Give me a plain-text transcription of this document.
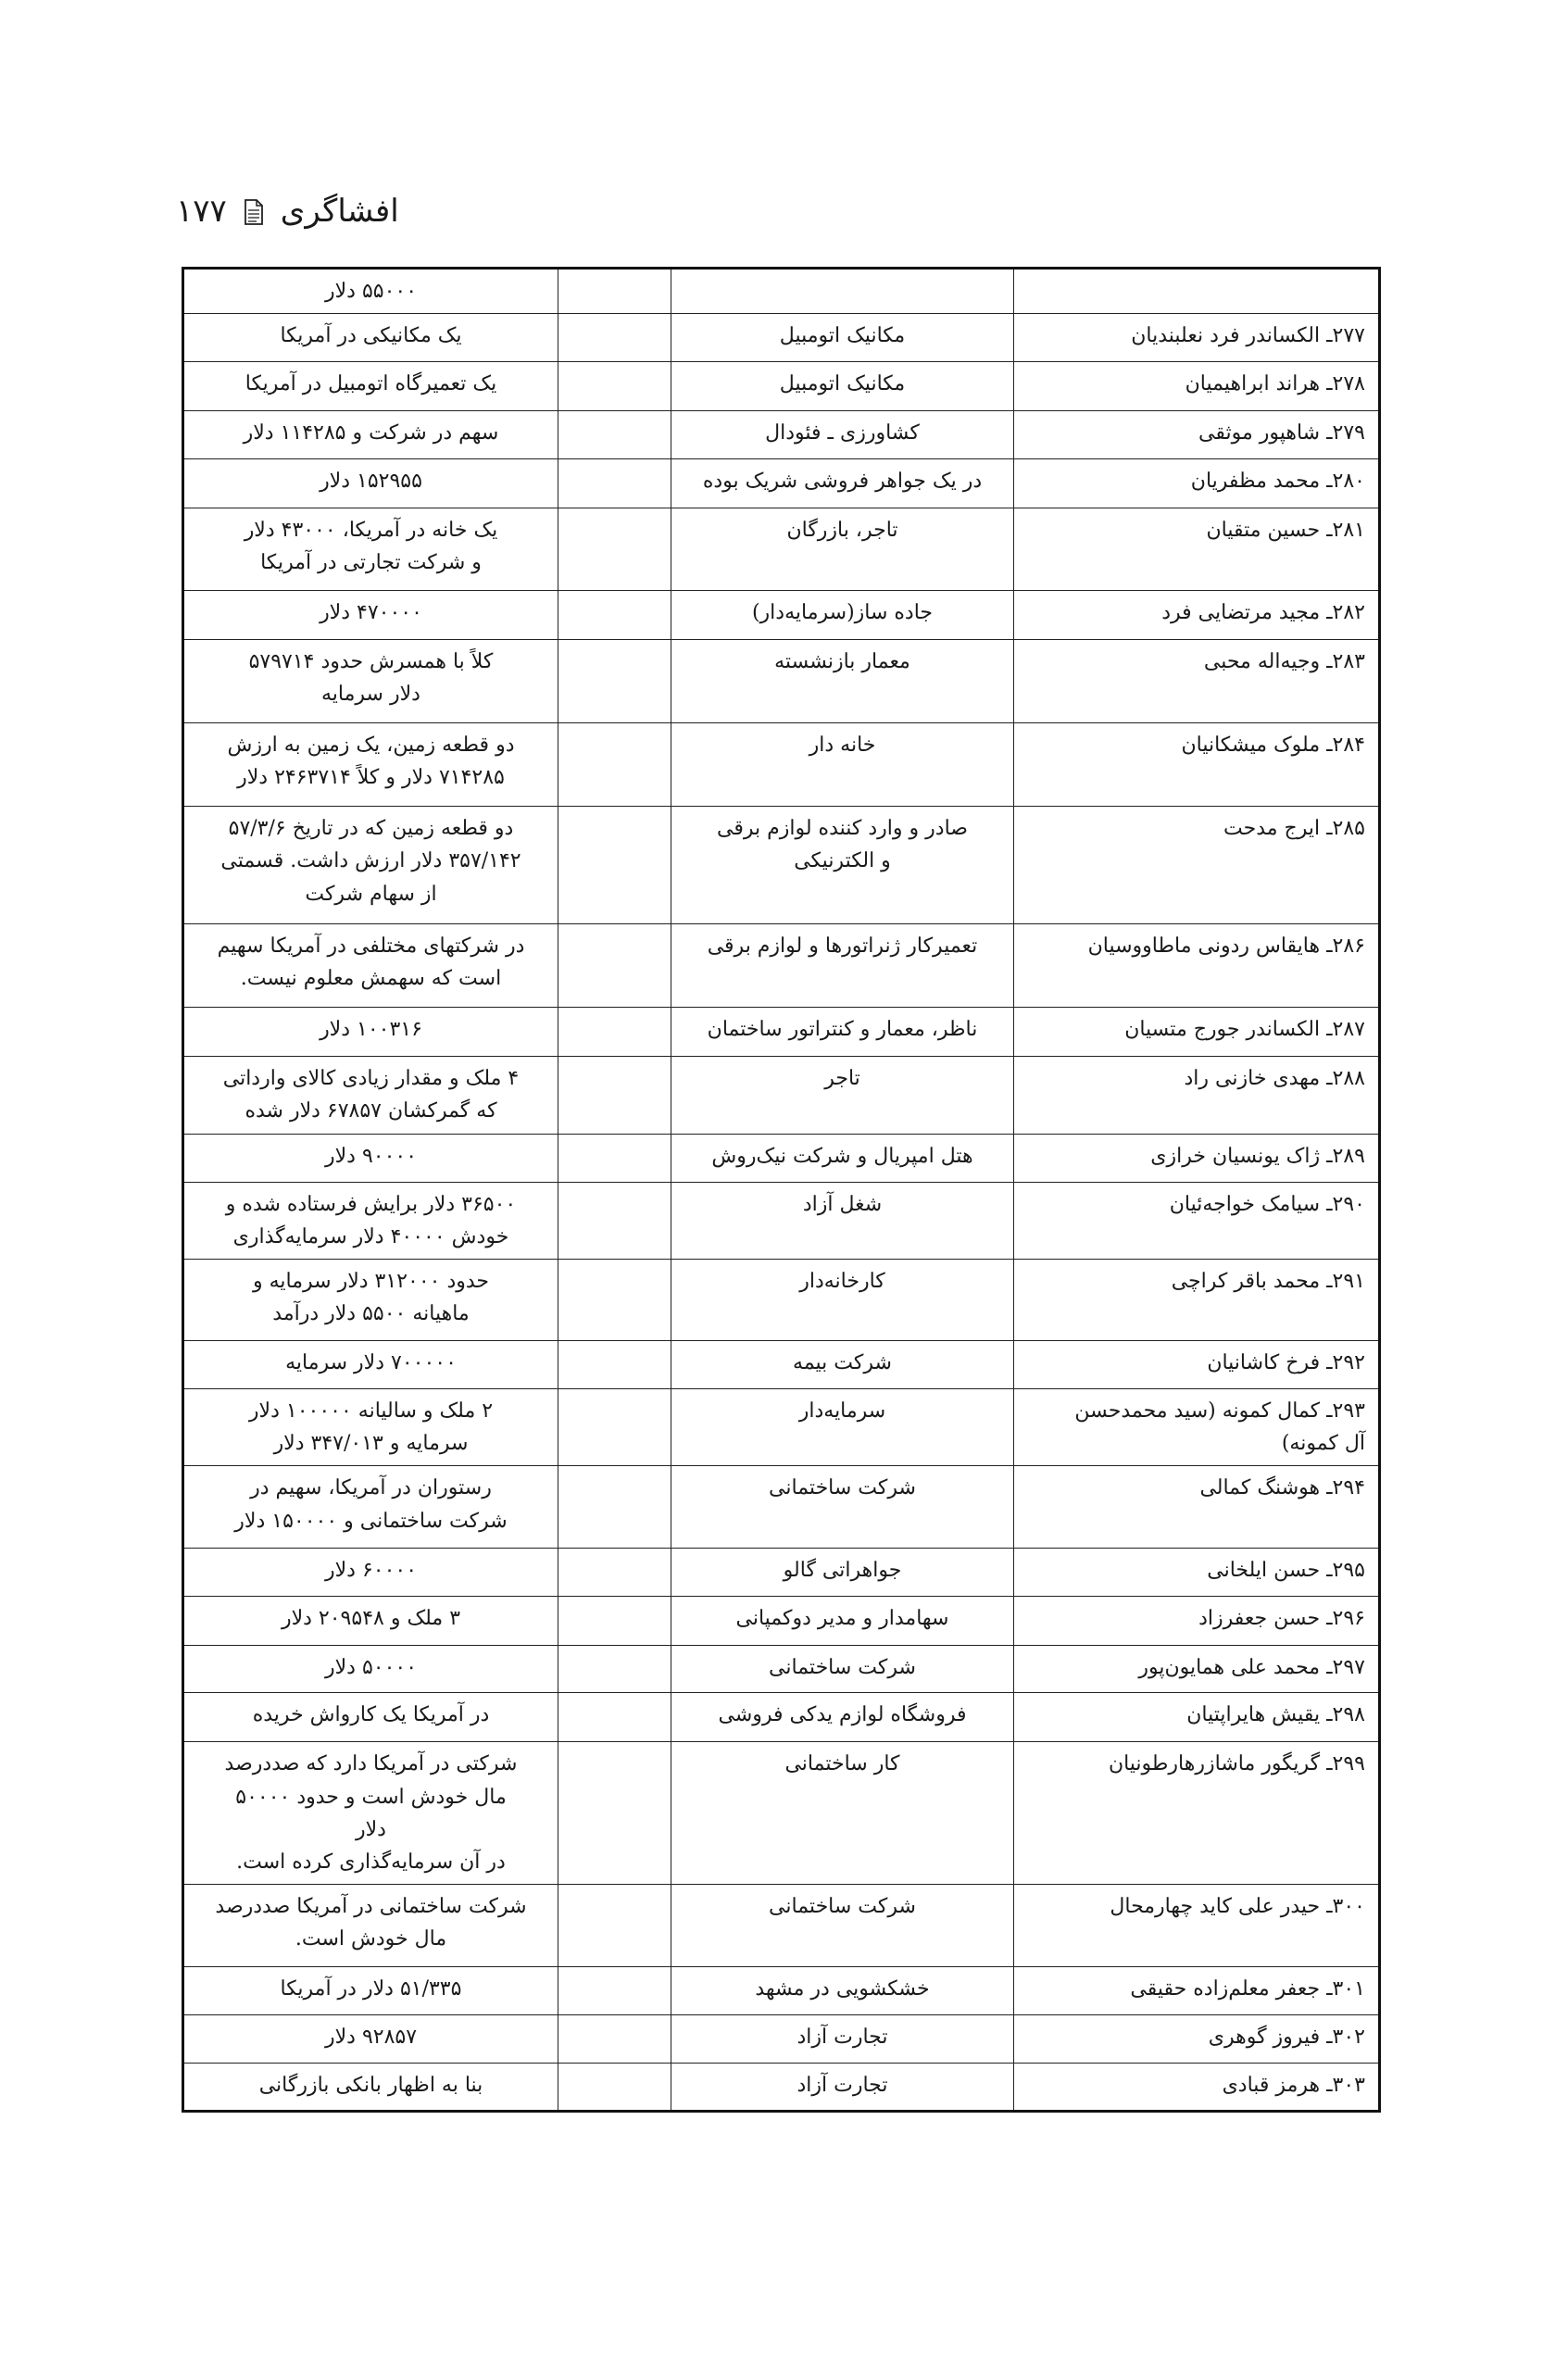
افشاگری
۱۷۷
			۵۵۰۰۰ دلار
۲۷۷ـ الکساندر فرد نعلبندیان	مکانیک اتومبیل		یک مکانیکی در آمریکا
۲۷۸ـ هراند ابراهیمیان	مکانیک اتومبیل		یک تعمیرگاه اتومبیل در آمریکا
۲۷۹ـ شاهپور موثقی	کشاورزی ـ فئودال		سهم در شرکت و ۱۱۴۲۸۵ دلار
۲۸۰ـ محمد مظفریان	در یک جواهر فروشی شریک بوده		۱۵۲۹۵۵ دلار
۲۸۱ـ حسین متقیان	تاجر، بازرگان		یک خانه در آمریکا، ۴۳۰۰۰ دلار
و شرکت تجارتی در آمریکا
۲۸۲ـ مجید مرتضایی فرد	جاده ساز(سرمایه‌دار)		۴۷۰۰۰۰ دلار
۲۸۳ـ وجیه‌اله محبی	معمار بازنشسته		کلاً با همسرش حدود ۵۷۹۷۱۴
دلار سرمایه
۲۸۴ـ ملوک میشکانیان	خانه دار		دو قطعه زمین، یک زمین به ارزش
۷۱۴۲۸۵ دلار و کلاً ۲۴۶۳۷۱۴ دلار
۲۸۵ـ ایرج مدحت	صادر و وارد کننده لوازم برقی
و الکترنیکی		دو قطعه زمین که در تاریخ ۵۷/۳/۶
۳۵۷/۱۴۲ دلار ارزش داشت. قسمتی
از سهام شرکت
۲۸۶ـ هایقاس ردونی ماطاووسیان	تعمیرکار ژنراتورها و لوازم برقی		در شرکتهای مختلفی در آمریکا سهیم
است که سهمش معلوم نیست.
۲۸۷ـ الکساندر جورج متسیان	ناظر، معمار و کنتراتور ساختمان		۱۰۰۳۱۶ دلار
۲۸۸ـ مهدی خازنی راد	تاجر		۴ ملک و مقدار زیادی کالای وارداتی
که گمرکشان ۶۷۸۵۷ دلار شده
۲۸۹ـ ژاک یونسیان خرازی	هتل امپریال و شرکت نیک‌روش		۹۰۰۰۰ دلار
۲۹۰ـ سیامک خواجه‌ئیان	شغل آزاد		۳۶۵۰۰ دلار برایش فرستاده شده و
خودش ۴۰۰۰۰ دلار سرمایه‌گذاری
۲۹۱ـ محمد باقر کراچی	کارخانه‌دار		حدود ۳۱۲۰۰۰ دلار سرمایه و
ماهیانه ۵۵۰۰ دلار درآمد
۲۹۲ـ فرخ کاشانیان	شرکت بیمه		۷۰۰۰۰۰ دلار سرمایه
۲۹۳ـ کمال کمونه (سید محمدحسن
آل کمونه)	سرمایه‌دار		۲ ملک و سالیانه ۱۰۰۰۰۰ دلار
سرمایه و ۳۴۷/۰۱۳ دلار
۲۹۴ـ هوشنگ کمالی	شرکت ساختمانی		رستوران در آمریکا، سهیم در
شرکت ساختمانی و ۱۵۰۰۰۰ دلار
۲۹۵ـ حسن ایلخانی	جواهراتی گالو		۶۰۰۰۰ دلار
۲۹۶ـ حسن جعفرزاد	سهامدار و مدیر دوکمپانی		۳ ملک و ۲۰۹۵۴۸ دلار
۲۹۷ـ محمد علی همایون‌پور	شرکت ساختمانی		۵۰۰۰۰ دلار
۲۹۸ـ یقیش هایراپتیان	فروشگاه لوازم یدکی فروشی		در آمریکا یک کارواش خریده
۲۹۹ـ گریگور ماشازرهارطونیان	کار ساختمانی		شرکتی در آمریکا دارد که صددرصد
مال خودش است و حدود ۵۰۰۰۰
دلار
در آن سرمایه‌گذاری کرده است.
۳۰۰ـ حیدر علی کاید چهارمحال	شرکت ساختمانی		شرکت ساختمانی در آمریکا صددرصد
مال خودش است.
۳۰۱ـ جعفر معلم‌زاده حقیقی	خشکشویی در مشهد		۵۱/۳۳۵ دلار در آمریکا
۳۰۲ـ فیروز گوهری	تجارت آزاد		۹۲۸۵۷ دلار
۳۰۳ـ هرمز قبادی	تجارت آزاد		بنا به اظهار بانکی بازرگانی
